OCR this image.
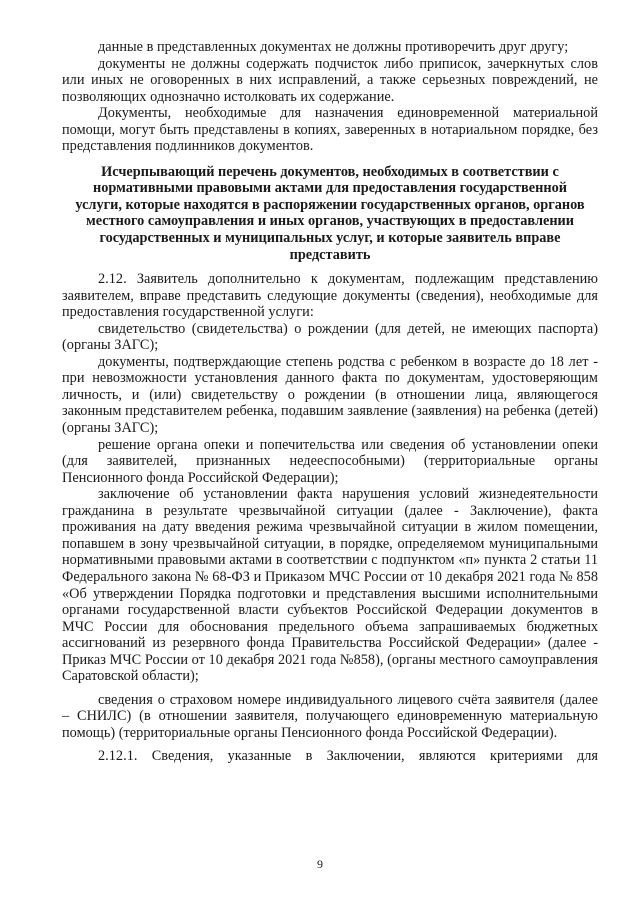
данные в представленных документах не должны противоречить друг другу;

документы не должны содержать подчисток либо приписок, зачеркнутых слов или иных не оговоренных в них исправлений, а также серьезных повреждений, не позволяющих однозначно истолковать их содержание.

Документы, необходимые для назначения единовременной материальной помощи, могут быть представлены в копиях, заверенных в нотариальном порядке, без представления подлинников документов.

Исчерпывающий перечень документов, необходимых в соответствии с нормативными правовыми актами для предоставления государственной услуги, которые находятся в распоряжении государственных органов, органов местного самоуправления и иных органов, участвующих в предоставлении государственных и муниципальных услуг, и которые заявитель вправе представить

2.12. Заявитель дополнительно к документам, подлежащим представлению заявителем, вправе представить следующие документы (сведения), необходимые для предоставления государственной услуги:

свидетельство (свидетельства) о рождении (для детей, не имеющих паспорта) (органы ЗАГС);

документы, подтверждающие степень родства с ребенком в возрасте до 18 лет - при невозможности установления данного факта по документам, удостоверяющим личность, и (или) свидетельству о рождении (в отношении лица, являющегося законным представителем ребенка, подавшим заявление (заявления) на ребенка (детей) (органы ЗАГС);

решение органа опеки и попечительства или сведения об установлении опеки (для заявителей, признанных недееспособными) (территориальные органы Пенсионного фонда Российской Федерации);

заключение об установлении факта нарушения условий жизнедеятельности гражданина в результате чрезвычайной ситуации (далее - Заключение), факта проживания на дату введения режима чрезвычайной ситуации в жилом помещении, попавшем в зону чрезвычайной ситуации, в порядке, определяемом муниципальными нормативными правовыми актами в соответствии с подпунктом «п» пункта 2 статьи 11 Федерального закона № 68-ФЗ и Приказом МЧС России от 10 декабря 2021 года № 858 «Об утверждении Порядка подготовки и представления высшими исполнительными органами государственной власти субъектов Российской Федерации документов в МЧС России для обоснования предельного объема запрашиваемых бюджетных ассигнований из резервного фонда Правительства Российской Федерации» (далее - Приказ МЧС России от 10 декабря 2021 года №858), (органы местного самоуправления Саратовской области);

сведения о страховом номере индивидуального лицевого счёта заявителя (далее – СНИЛС) (в отношении заявителя, получающего единовременную материальную помощь) (территориальные органы Пенсионного фонда Российской Федерации).

2.12.1. Сведения, указанные в Заключении, являются критериями для

9
